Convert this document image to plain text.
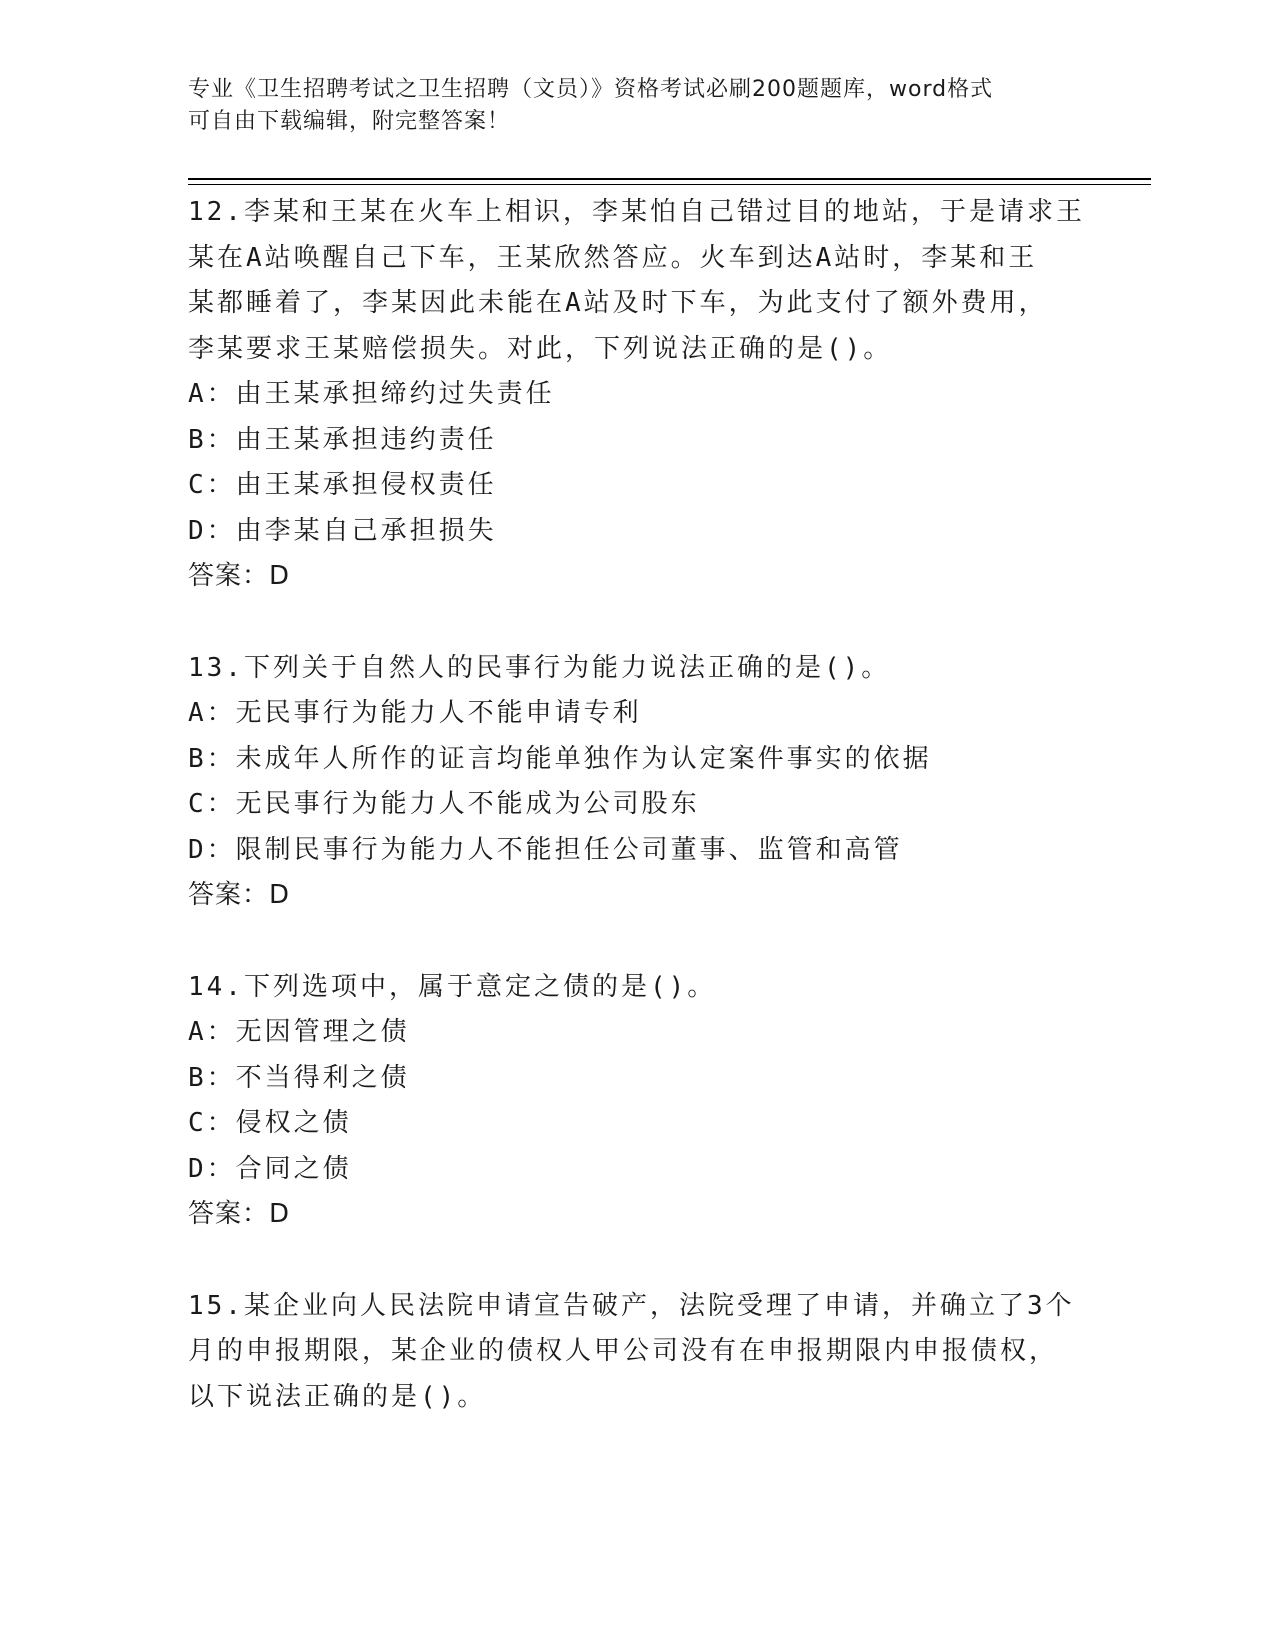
专业《卫生招聘考试之卫生招聘（文员）》资格考试必刷200题题库，word格式
可自由下载编辑，附完整答案！
12.李某和王某在火车上相识，李某怕自己错过目的地站，于是请求王
某在A站唤醒自己下车，王某欣然答应。火车到达A站时，李某和王
某都睡着了，李某因此未能在A站及时下车，为此支付了额外费用，
李某要求王某赔偿损失。对此，下列说法正确的是()。
A：由王某承担缔约过失责任
B：由王某承担违约责任
C：由王某承担侵权责任
D：由李某自己承担损失
答案：D
13.下列关于自然人的民事行为能力说法正确的是()。
A：无民事行为能力人不能申请专利
B：未成年人所作的证言均能单独作为认定案件事实的依据
C：无民事行为能力人不能成为公司股东
D：限制民事行为能力人不能担任公司董事、监管和高管
答案：D
14.下列选项中，属于意定之债的是()。
A：无因管理之债
B：不当得利之债
C：侵权之债
D：合同之债
答案：D
15.某企业向人民法院申请宣告破产，法院受理了申请，并确立了3个
月的申报期限，某企业的债权人甲公司没有在申报期限内申报债权，
以下说法正确的是()。
